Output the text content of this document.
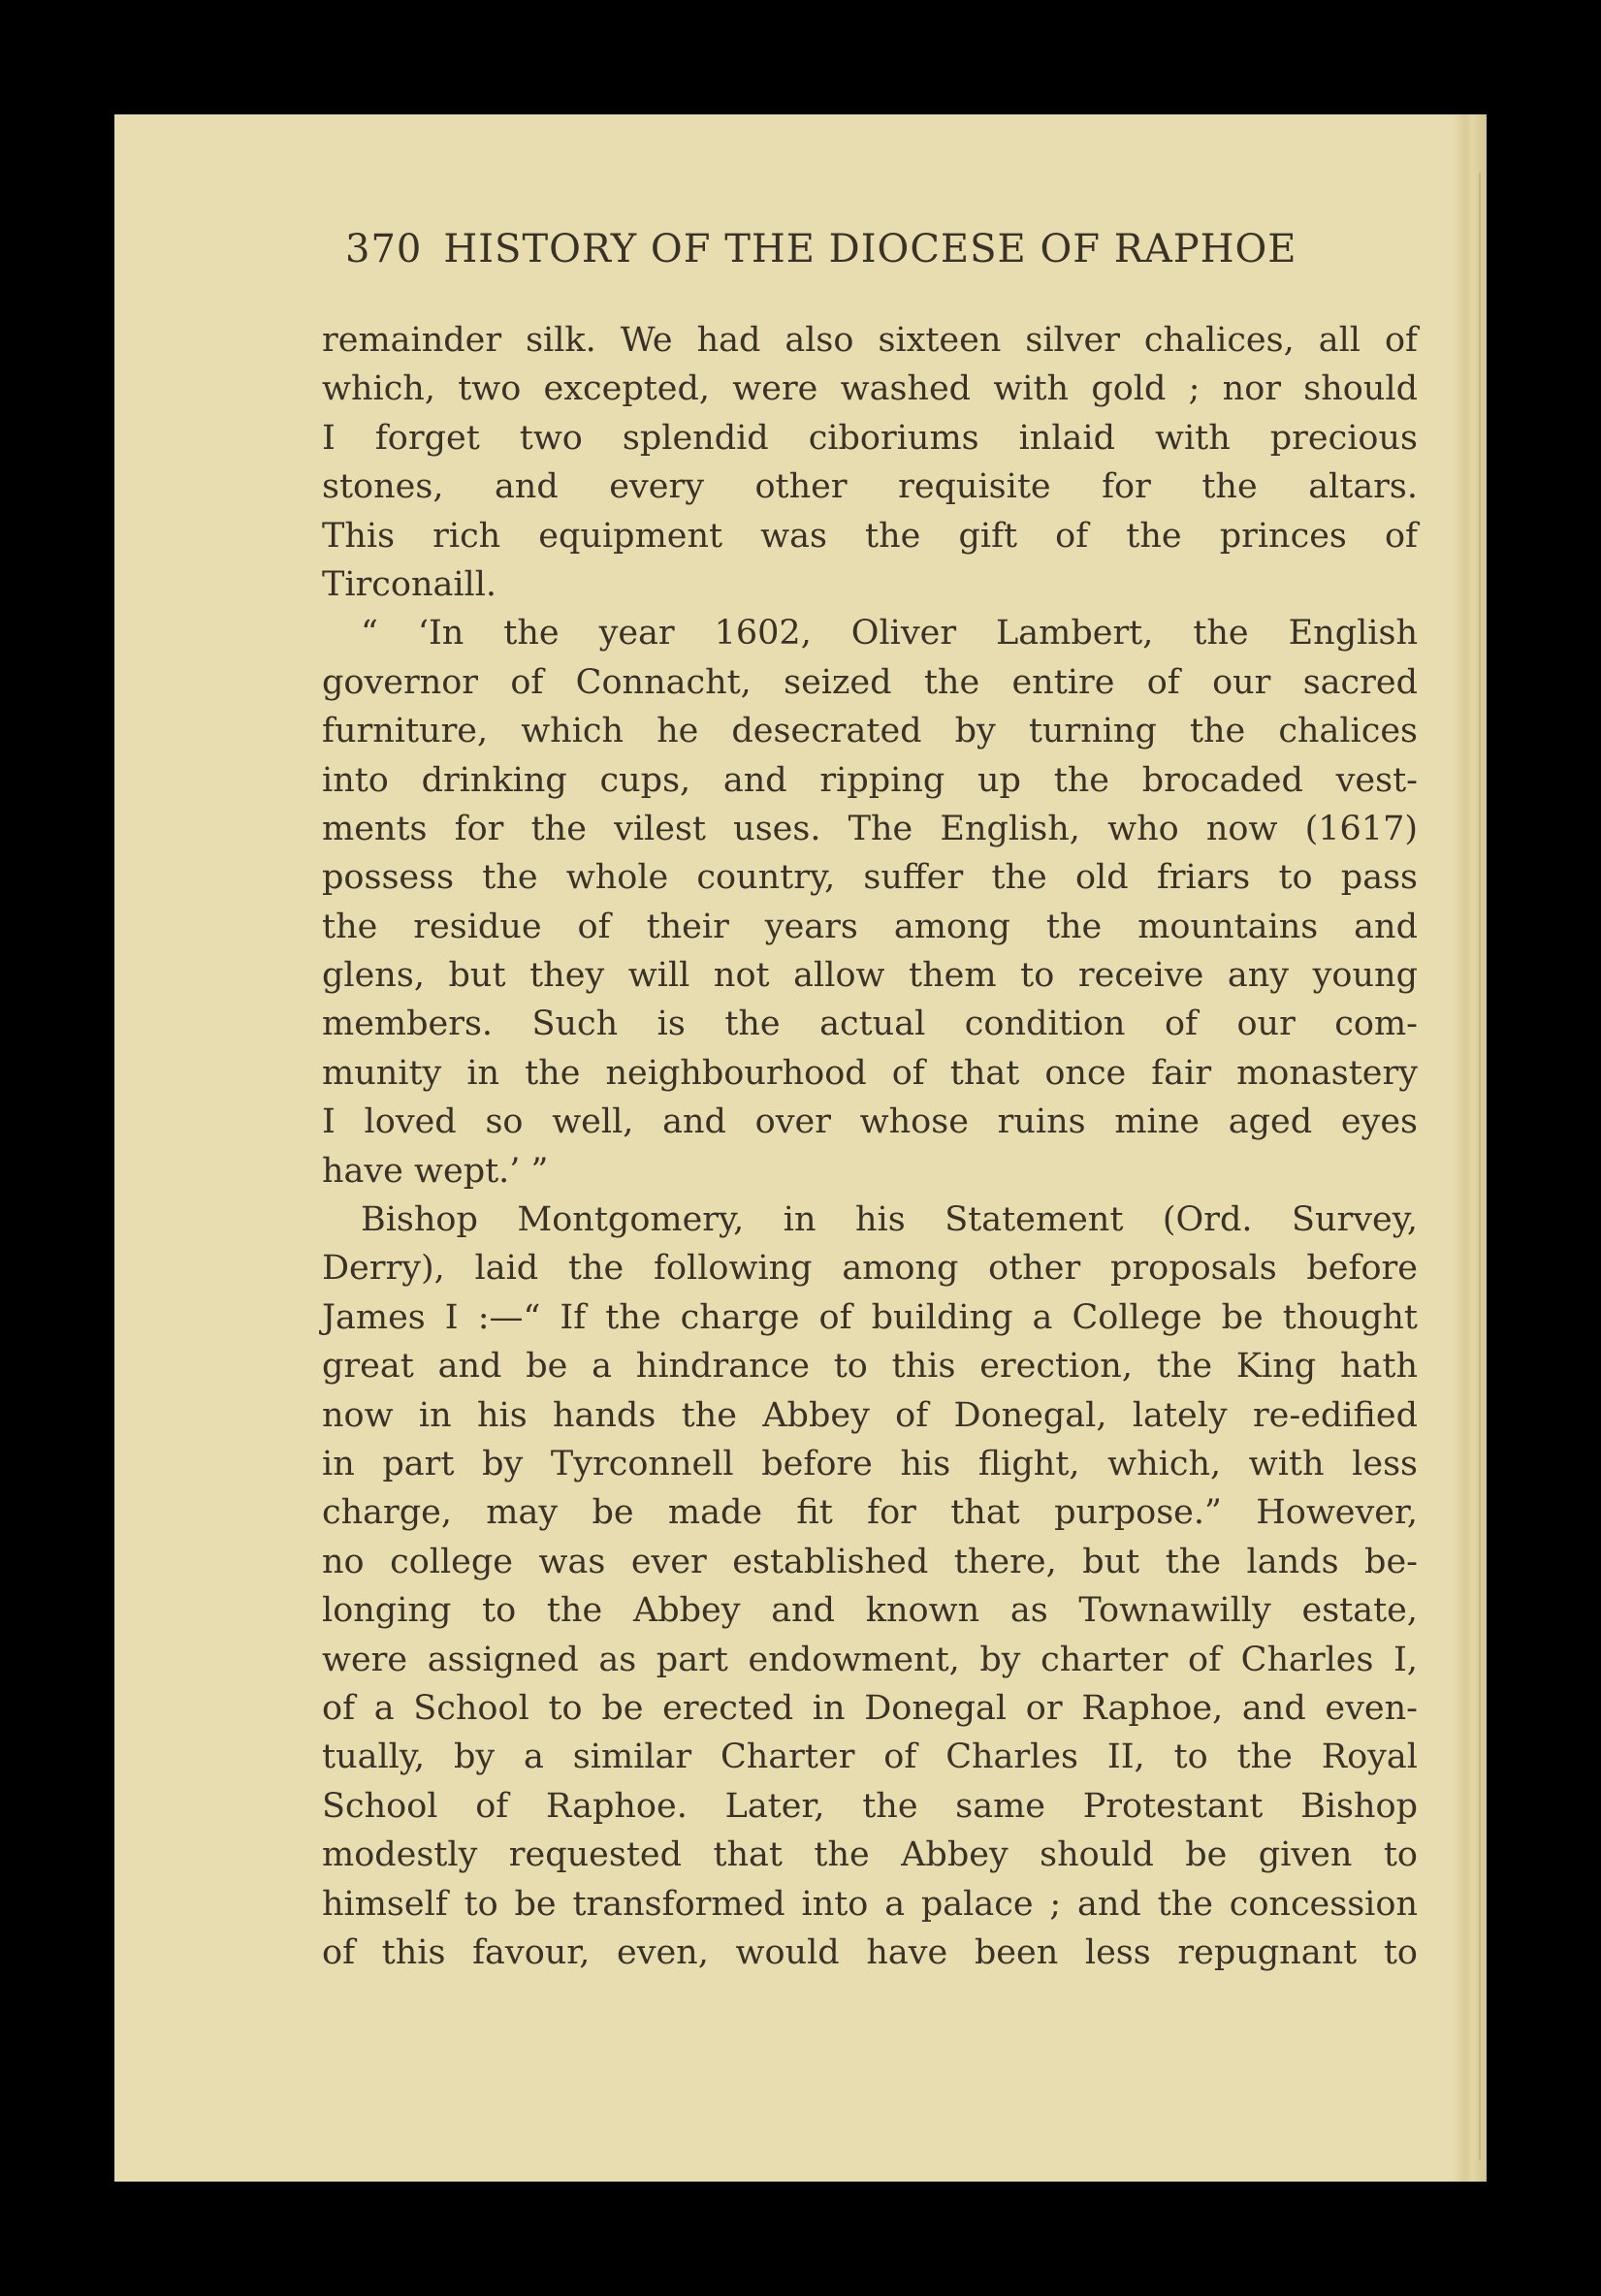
370 HISTORY OF THE DIOCESE OF RAPHOE
remainder silk. We had also sixteen silver chalices, all of
which, two excepted, were washed with gold ; nor should
I forget two splendid ciboriums inlaid with precious
stones, and every other requisite for the altars.
This rich equipment was the gift of the princes of
Tirconaill.
“ ‘In the year 1602, Oliver Lambert, the English
governor of Connacht, seized the entire of our sacred
furniture, which he desecrated by turning the chalices
into drinking cups, and ripping up the brocaded vest-
ments for the vilest uses. The English, who now (1617)
possess the whole country, suffer the old friars to pass
the residue of their years among the mountains and
glens, but they will not allow them to receive any young
members. Such is the actual condition of our com-
munity in the neighbourhood of that once fair monastery
I loved so well, and over whose ruins mine aged eyes
have wept.’ ”
Bishop Montgomery, in his Statement (Ord. Survey,
Derry), laid the following among other proposals before
James I :—“ If the charge of building a College be thought
great and be a hindrance to this erection, the King hath
now in his hands the Abbey of Donegal, lately re-edified
in part by Tyrconnell before his flight, which, with less
charge, may be made fit for that purpose.” However,
no college was ever established there, but the lands be-
longing to the Abbey and known as Townawilly estate,
were assigned as part endowment, by charter of Charles I,
of a School to be erected in Donegal or Raphoe, and even-
tually, by a similar Charter of Charles II, to the Royal
School of Raphoe. Later, the same Protestant Bishop
modestly requested that the Abbey should be given to
himself to be transformed into a palace ; and the concession
of this favour, even, would have been less repugnant to
